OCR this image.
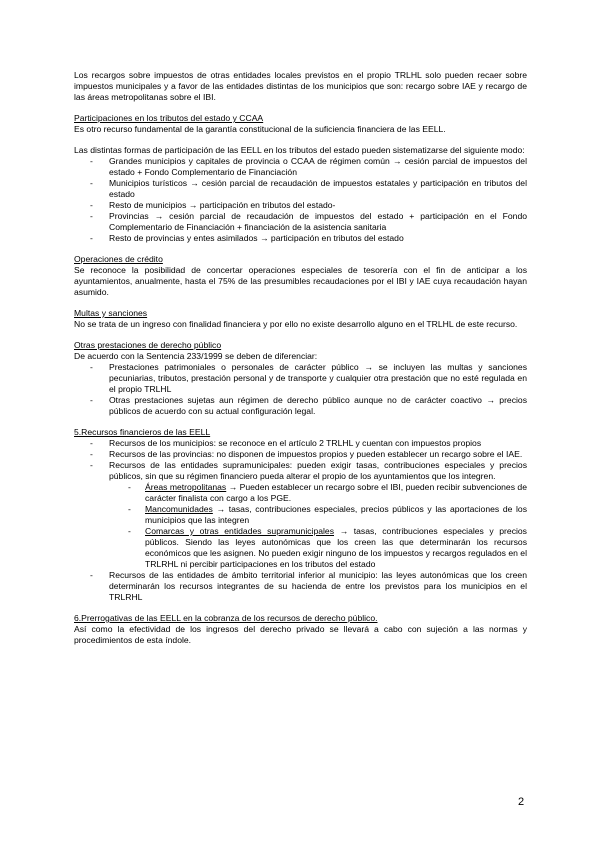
Los recargos sobre impuestos de otras entidades locales previstos en el propio TRLHL solo pueden recaer sobre impuestos municipales y a favor de las entidades distintas de los municipios que son: recargo sobre IAE y recargo de las áreas metropolitanas sobre el IBI.

Participaciones en los tributos del estado y CCAA

Es otro recurso fundamental de la garantía constitucional de la suficiencia financiera de las EELL.

Las distintas formas de participación de las EELL en los tributos del estado pueden sistematizarse del siguiente modo:

- Grandes municipios y capitales de provincia o CCAA de régimen común → cesión parcial de impuestos del estado + Fondo Complementario de Financiación
- Municipios turísticos → cesión parcial de recaudación de impuestos estatales y participación en tributos del estado
- Resto de municipios → participación en tributos del estado-
- Provincias → cesión parcial de recaudación de impuestos del estado + participación en el Fondo Complementario de Financiación + financiación de la asistencia sanitaria
- Resto de provincias y entes asimilados → participación en tributos del estado

Operaciones de crédito

Se reconoce la posibilidad de concertar operaciones especiales de tesorería con el fin de anticipar a los ayuntamientos, anualmente, hasta el 75% de las presumibles recaudaciones por el IBI y IAE cuya recaudación hayan asumido.

Multas y sanciones

No se trata de un ingreso con finalidad financiera y por ello no existe desarrollo alguno en el TRLHL de este recurso.

Otras prestaciones de derecho público

De acuerdo con la Sentencia 233/1999 se deben de diferenciar:

- Prestaciones patrimoniales o personales de carácter público → se incluyen las multas y sanciones pecuniarias, tributos, prestación personal y de transporte y cualquier otra prestación que no esté regulada en el propio TRLHL
- Otras prestaciones sujetas aun régimen de derecho público aunque no de carácter coactivo → precios públicos de acuerdo con su actual configuración legal.

5.Recursos financieros de las EELL

- Recursos de los municipios: se reconoce en el artículo 2 TRLHL y cuentan con impuestos propios
- Recursos de las provincias: no disponen de impuestos propios y pueden establecer un recargo sobre el IAE.
- Recursos de las entidades supramunicipales: pueden exigir tasas, contribuciones especiales y precios públicos, sin que su régimen financiero pueda alterar el propio de los ayuntamientos que los integren.
- Áreas metropolitanas → Pueden establecer un recargo sobre el IBI, pueden recibir subvenciones de carácter finalista con cargo a los PGE.
- Mancomunidades → tasas, contribuciones especiales, precios públicos y las aportaciones de los municipios que las integren
- Comarcas y otras entidades supramunicipales → tasas, contribuciones especiales y precios públicos. Siendo las leyes autonómicas que los creen las que determinarán los recursos económicos que les asignen. No pueden exigir ninguno de los impuestos y recargos regulados en el TRLRHL ni percibir participaciones en los tributos del estado
- Recursos de las entidades de ámbito territorial inferior al municipio: las leyes autonómicas que los creen determinarán los recursos integrantes de su hacienda de entre los previstos para los municipios en el TRLRHL

6.Prerrogativas de las EELL en la cobranza de los recursos de derecho público.

Así como la efectividad de los ingresos del derecho privado se llevará a cabo con sujeción a las normas y procedimientos de esta índole.

2
